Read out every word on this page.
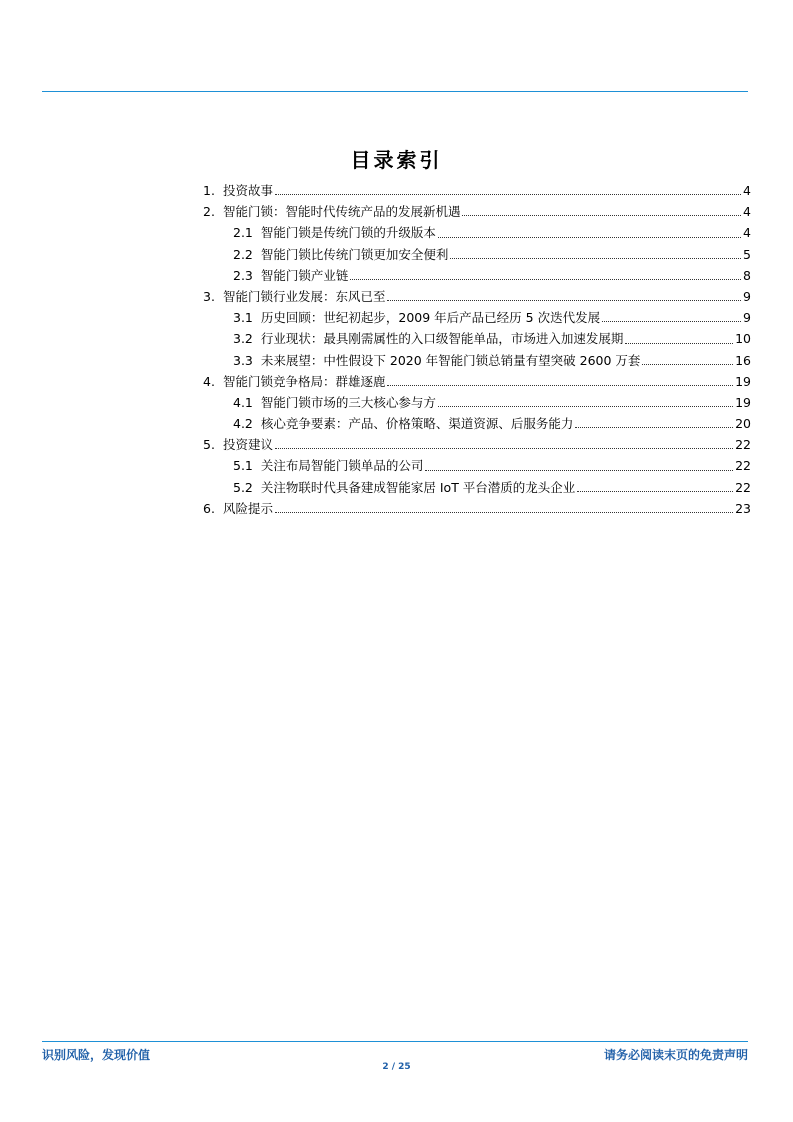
目录索引
1. 投资故事	4
2. 智能门锁：智能时代传统产品的发展新机遇	4
2.1 智能门锁是传统门锁的升级版本	4
2.2 智能门锁比传统门锁更加安全便利	5
2.3 智能门锁产业链	8
3. 智能门锁行业发展：东风已至	9
3.1 历史回顾：世纪初起步，2009 年后产品已经历 5 次迭代发展	9
3.2 行业现状：最具刚需属性的入口级智能单品，市场进入加速发展期	10
3.3 未来展望：中性假设下 2020 年智能门锁总销量有望突破 2600 万套	16
4. 智能门锁竞争格局：群雄逐鹿	19
4.1 智能门锁市场的三大核心参与方	19
4.2 核心竞争要素：产品、价格策略、渠道资源、后服务能力	20
5. 投资建议	22
5.1 关注布局智能门锁单品的公司	22
5.2 关注物联时代具备建成智能家居 IoT 平台潜质的龙头企业	22
6. 风险提示	23
识别风险，发现价值	请务必阅读末页的免责声明
2 / 25
